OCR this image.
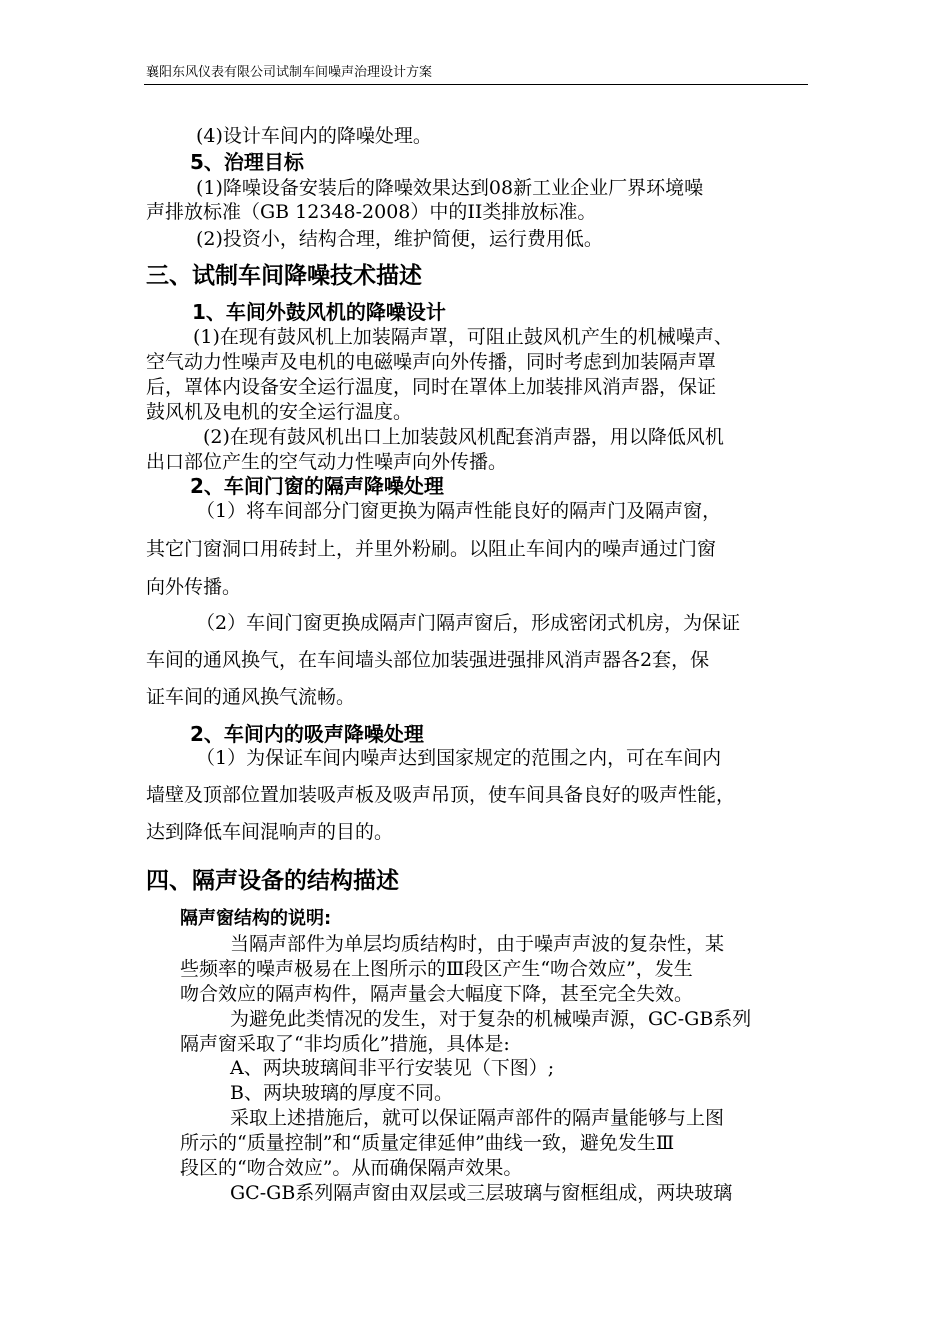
襄阳东风仪表有限公司试制车间噪声治理设计方案
(4)设计车间内的降噪处理。
5、治理目标
(1)降噪设备安装后的降噪效果达到08新工业企业厂界环境噪
声排放标准（GB 12348-2008）中的II类排放标准。
(2)投资小，结构合理，维护简便，运行费用低。
三、试制车间降噪技术描述
1、车间外鼓风机的降噪设计
(1)在现有鼓风机上加装隔声罩，可阻止鼓风机产生的机械噪声、
空气动力性噪声及电机的电磁噪声向外传播，同时考虑到加装隔声罩
后，罩体内设备安全运行温度，同时在罩体上加装排风消声器，保证
鼓风机及电机的安全运行温度。
(2)在现有鼓风机出口上加装鼓风机配套消声器，用以降低风机
出口部位产生的空气动力性噪声向外传播。
2、车间门窗的隔声降噪处理
（1）将车间部分门窗更换为隔声性能良好的隔声门及隔声窗，
其它门窗洞口用砖封上，并里外粉刷。以阻止车间内的噪声通过门窗
向外传播。
（2）车间门窗更换成隔声门隔声窗后，形成密闭式机房，为保证
车间的通风换气，在车间墙头部位加装强进强排风消声器各2套，保
证车间的通风换气流畅。
2、车间内的吸声降噪处理
（1）为保证车间内噪声达到国家规定的范围之内，可在车间内
墙壁及顶部位置加装吸声板及吸声吊顶，使车间具备良好的吸声性能，
达到降低车间混响声的目的。
四、隔声设备的结构描述
隔声窗结构的说明:
当隔声部件为单层均质结构时，由于噪声声波的复杂性，某
些频率的噪声极易在上图所示的Ⅲ段区产生“吻合效应”，发生
吻合效应的隔声构件，隔声量会大幅度下降，甚至完全失效。
为避免此类情况的发生，对于复杂的机械噪声源，GC-GB系列
隔声窗采取了“非均质化”措施，具体是:
A、两块玻璃间非平行安装见（下图）;
B、两块玻璃的厚度不同。
采取上述措施后，就可以保证隔声部件的隔声量能够与上图
所示的“质量控制”和“质量定律延伸”曲线一致，避免发生Ⅲ
段区的“吻合效应”。从而确保隔声效果。
GC-GB系列隔声窗由双层或三层玻璃与窗框组成，两块玻璃
